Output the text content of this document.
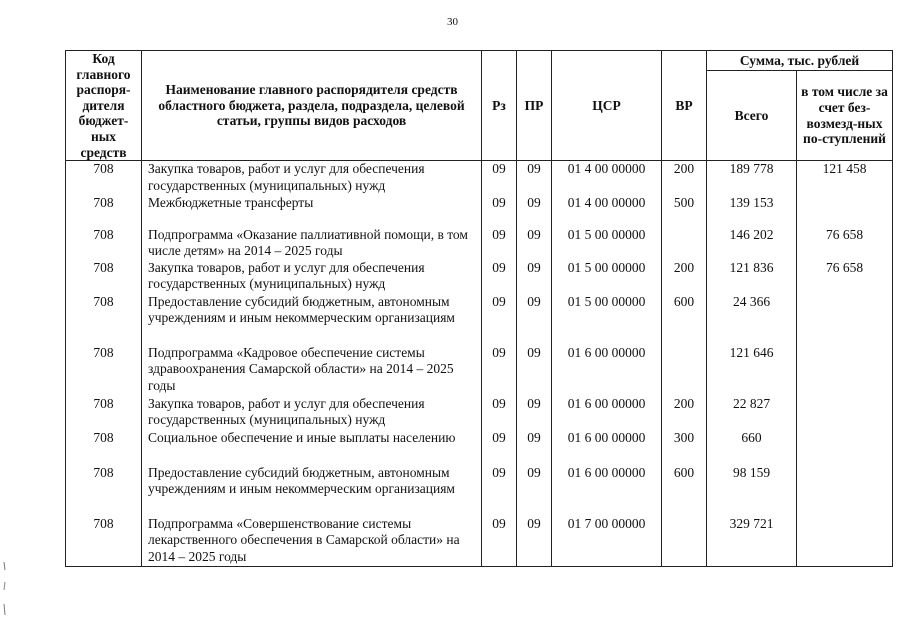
30
Код главного распоря-дителя бюджет-ных средств	Наименование главного распорядителя средств областного бюджета, раздела, подраздела, целевой статьи, группы видов расходов	Рз	ПР	ЦСР	ВР	Сумма, тыс. рублей	
						Всего	в том числе за счет без-возмезд-ных по-ступлений
708	Закупка товаров, работ и услуг для обеспечения государственных (муниципальных) нужд	09	09	01 4 00 00000	200	189 778	121 458
708	Межбюджетные трансферты	09	09	01 4 00 00000	500	139 153	
708	Подпрограмма «Оказание паллиативной помощи, в том числе детям» на 2014 – 2025 годы	09	09	01 5 00 00000		146 202	76 658
708	Закупка товаров, работ и услуг для обеспечения государственных (муниципальных) нужд	09	09	01 5 00 00000	200	121 836	76 658
708	Предоставление субсидий бюджетным, автономным учреждениям и иным некоммерческим организациям	09	09	01 5 00 00000	600	24 366	
708	Подпрограмма «Кадровое обеспечение системы здравоохранения Самарской области» на 2014 – 2025 годы	09	09	01 6 00 00000		121 646	
708	Закупка товаров, работ и услуг для обеспечения государственных (муниципальных) нужд	09	09	01 6 00 00000	200	22 827	
708	Социальное обеспечение и иные выплаты населению	09	09	01 6 00 00000	300	660	
708	Предоставление субсидий бюджетным, автономным учреждениям и иным некоммерческим организациям	09	09	01 6 00 00000	600	98 159	
708	Подпрограмма «Совершенствование системы лекарственного обеспечения в Самарской области» на 2014 – 2025 годы	09	09	01 7 00 00000		329 721	
